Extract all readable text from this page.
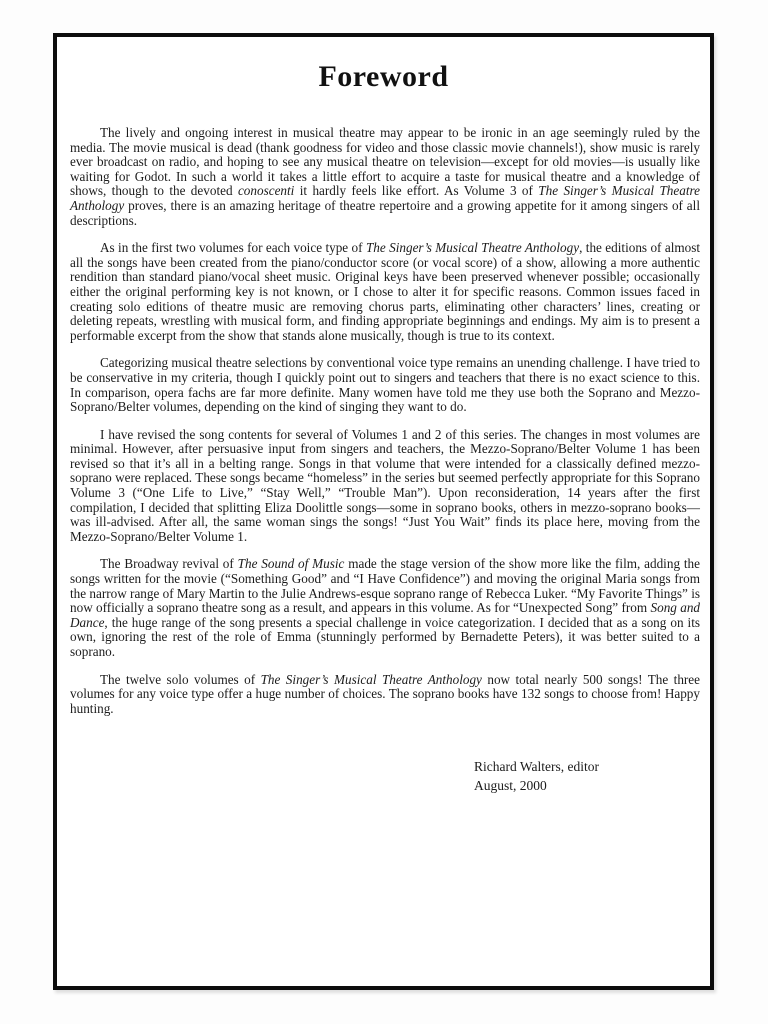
Foreword

The lively and ongoing interest in musical theatre may appear to be ironic in an age seemingly ruled by the media. The movie musical is dead (thank goodness for video and those classic movie channels!), show music is rarely ever broadcast on radio, and hoping to see any musical theatre on television—except for old movies—is usually like waiting for Godot. In such a world it takes a little effort to acquire a taste for musical theatre and a knowledge of shows, though to the devoted conoscenti it hardly feels like effort. As Volume 3 of The Singer’s Musical Theatre Anthology proves, there is an amazing heritage of theatre repertoire and a growing appetite for it among singers of all descriptions.

As in the first two volumes for each voice type of The Singer’s Musical Theatre Anthology, the editions of almost all the songs have been created from the piano/conductor score (or vocal score) of a show, allowing a more authentic rendition than standard piano/vocal sheet music. Original keys have been preserved whenever possible; occasionally either the original performing key is not known, or I chose to alter it for specific reasons. Common issues faced in creating solo editions of theatre music are removing chorus parts, eliminating other characters’ lines, creating or deleting repeats, wrestling with musical form, and finding appropriate beginnings and endings. My aim is to present a performable excerpt from the show that stands alone musically, though is true to its context.

Categorizing musical theatre selections by conventional voice type remains an unending challenge. I have tried to be conservative in my criteria, though I quickly point out to singers and teachers that there is no exact science to this. In comparison, opera fachs are far more definite. Many women have told me they use both the Soprano and Mezzo-Soprano/Belter volumes, depending on the kind of singing they want to do.

I have revised the song contents for several of Volumes 1 and 2 of this series. The changes in most volumes are minimal. However, after persuasive input from singers and teachers, the Mezzo-Soprano/Belter Volume 1 has been revised so that it’s all in a belting range. Songs in that volume that were intended for a classically defined mezzo-soprano were replaced. These songs became “homeless” in the series but seemed perfectly appropriate for this Soprano Volume 3 (“One Life to Live,” “Stay Well,” “Trouble Man”). Upon reconsideration, 14 years after the first compilation, I decided that splitting Eliza Doolittle songs—some in soprano books, others in mezzo-soprano books—was ill-advised. After all, the same woman sings the songs! “Just You Wait” finds its place here, moving from the Mezzo-Soprano/Belter Volume 1.

The Broadway revival of The Sound of Music made the stage version of the show more like the film, adding the songs written for the movie (“Something Good” and “I Have Confidence”) and moving the original Maria songs from the narrow range of Mary Martin to the Julie Andrews-esque soprano range of Rebecca Luker. “My Favorite Things” is now officially a soprano theatre song as a result, and appears in this volume. As for “Unexpected Song” from Song and Dance, the huge range of the song presents a special challenge in voice categorization. I decided that as a song on its own, ignoring the rest of the role of Emma (stunningly performed by Bernadette Peters), it was better suited to a soprano.

The twelve solo volumes of The Singer’s Musical Theatre Anthology now total nearly 500 songs! The three volumes for any voice type offer a huge number of choices. The soprano books have 132 songs to choose from! Happy hunting.

Richard Walters, editor
August, 2000
